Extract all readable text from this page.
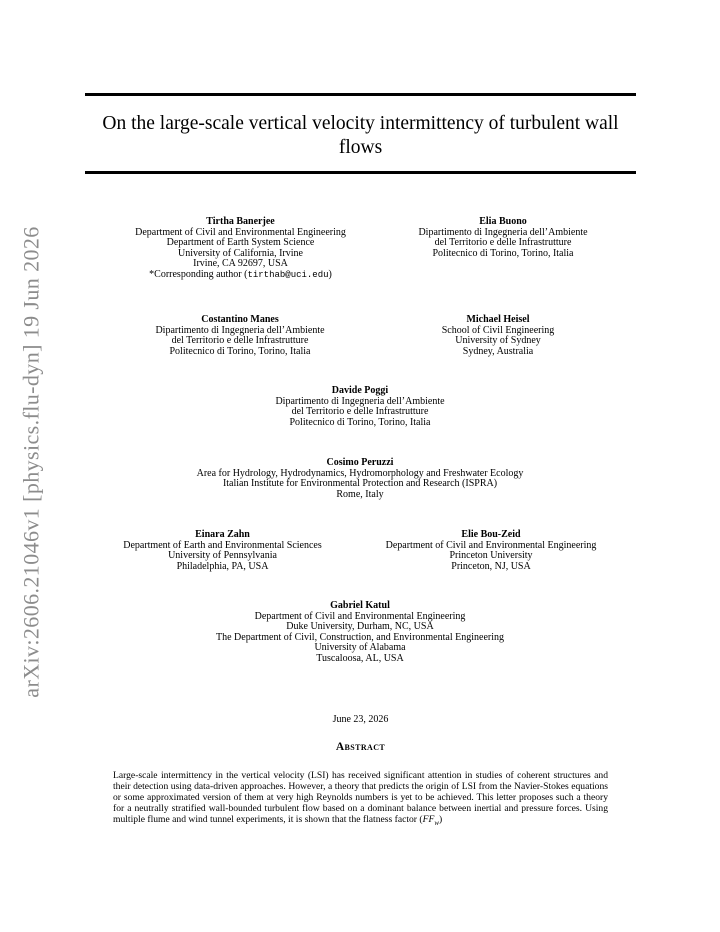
arXiv:2606.21046v1 [physics.flu-dyn] 19 Jun 2026
On the large-scale vertical velocity intermittency of turbulent wall flows
Tirtha Banerjee
Department of Civil and Environmental Engineering
Department of Earth System Science
University of California, Irvine
Irvine, CA 92697, USA
*Corresponding author (tirthab@uci.edu)
Elia Buono
Dipartimento di Ingegneria dell’Ambiente
del Territorio e delle Infrastrutture
Politecnico di Torino, Torino, Italia
Costantino Manes
Dipartimento di Ingegneria dell’Ambiente
del Territorio e delle Infrastrutture
Politecnico di Torino, Torino, Italia
Michael Heisel
School of Civil Engineering
University of Sydney
Sydney, Australia
Davide Poggi
Dipartimento di Ingegneria dell’Ambiente
del Territorio e delle Infrastrutture
Politecnico di Torino, Torino, Italia
Cosimo Peruzzi
Area for Hydrology, Hydrodynamics, Hydromorphology and Freshwater Ecology
Italian Institute for Environmental Protection and Research (ISPRA)
Rome, Italy
Einara Zahn
Department of Earth and Environmental Sciences
University of Pennsylvania
Philadelphia, PA, USA
Elie Bou-Zeid
Department of Civil and Environmental Engineering
Princeton University
Princeton, NJ, USA
Gabriel Katul
Department of Civil and Environmental Engineering
Duke University, Durham, NC, USA
The Department of Civil, Construction, and Environmental Engineering
University of Alabama
Tuscaloosa, AL, USA
June 23, 2026
Abstract
Large-scale intermittency in the vertical velocity (LSI) has received significant attention in studies of coherent structures and their detection using data-driven approaches. However, a theory that predicts the origin of LSI from the Navier-Stokes equations or some approximated version of them at very high Reynolds numbers is yet to be achieved. This letter proposes such a theory for a neutrally stratified wall-bounded turbulent flow based on a dominant balance between inertial and pressure forces. Using multiple flume and wind tunnel experiments, it is shown that the flatness factor $(FF_w)$
